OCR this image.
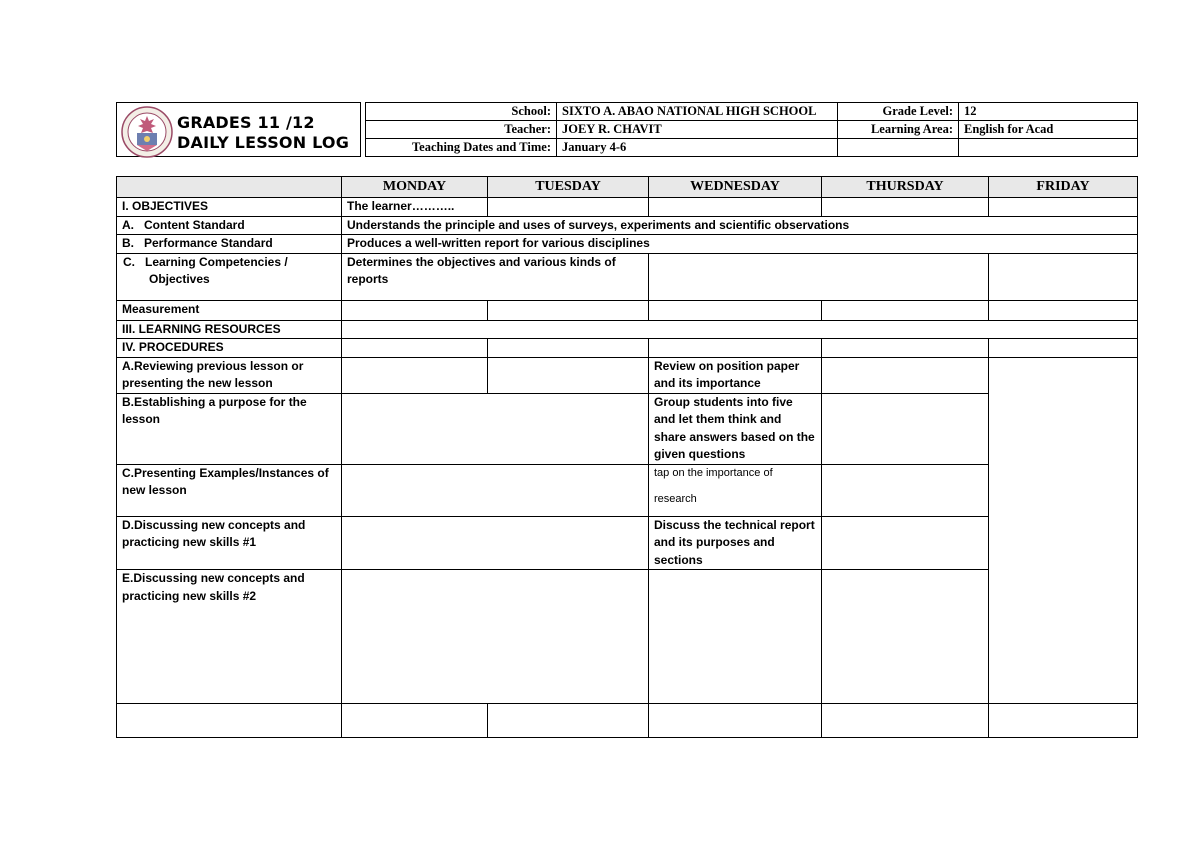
GRADES 11 /12
DAILY LESSON LOG
School:	SIXTO A. ABAO NATIONAL HIGH SCHOOL	Grade Level:	12
Teacher:	JOEY R. CHAVIT	Learning Area:	English for Acad
Teaching Dates and Time:	January 4-6		
	MONDAY	TUESDAY	WEDNESDAY	THURSDAY	FRIDAY
I. OBJECTIVES	The learner………..				
A.   Content Standard	Understands the principle and uses of surveys, experiments and scientific observations				
B.   Performance Standard	Produces a well-written report for various disciplines				
C.   Learning Competencies / Objectives	Determines the objectives and various kinds of reports				
Measurement					
III. LEARNING RESOURCES					
IV. PROCEDURES					
A.Reviewing previous lesson or presenting the new lesson			Review on position paper and its importance		
B.Establishing a purpose for the lesson			Group students into five and let them think and share answers based on the given questions		
C.Presenting Examples/Instances of new lesson			tap on the importance of
research		

D.Discussing new concepts and practicing new skills #1			Discuss the technical report and its purposes and sections		
E.Discussing new concepts and practicing new skills #2					
